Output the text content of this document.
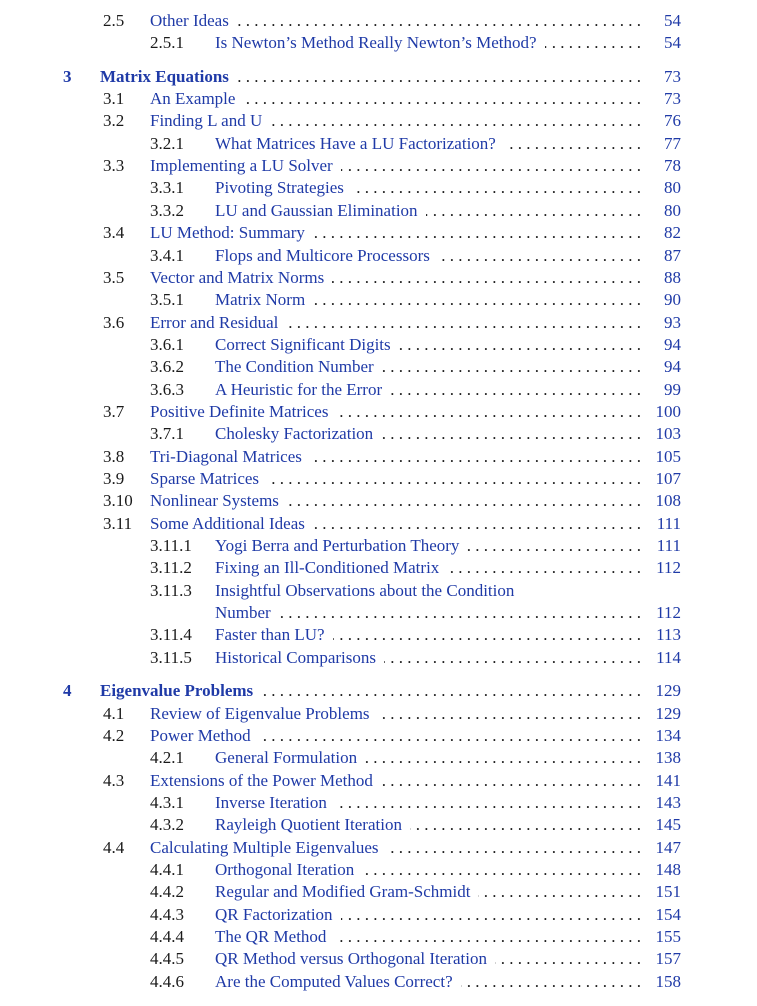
2.5 Other Ideas . . .	54
2.5.1 Is Newton’s Method Really Newton’s Method? . . .	54
3 Matrix Equations . . .	73
3.1 An Example . . .	73
3.2 Finding L and U . . .	76
3.2.1 What Matrices Have a LU Factorization? . . .	77
3.3 Implementing a LU Solver . . .	78
3.3.1 Pivoting Strategies . . .	80
3.3.2 LU and Gaussian Elimination . . .	80
3.4 LU Method: Summary . . .	82
3.4.1 Flops and Multicore Processors . . .	87
3.5 Vector and Matrix Norms . . .	88
3.5.1 Matrix Norm . . .	90
3.6 Error and Residual . . .	93
3.6.1 Correct Significant Digits . . .	94
3.6.2 The Condition Number . . .	94
3.6.3 A Heuristic for the Error . . .	99
3.7 Positive Definite Matrices . . .	100
3.7.1 Cholesky Factorization . . .	103
3.8 Tri-Diagonal Matrices . . .	105
3.9 Sparse Matrices . . .	107
3.10 Nonlinear Systems . . .	108
3.11 Some Additional Ideas . . .	111
3.11.1 Yogi Berra and Perturbation Theory . . .	111
3.11.2 Fixing an Ill-Conditioned Matrix . . .	112
3.11.3 Insightful Observations about the Condition
Number . . .	112
3.11.4 Faster than LU? . . .	113
3.11.5 Historical Comparisons . . .	114
4 Eigenvalue Problems . . .	129
4.1 Review of Eigenvalue Problems . . .	129
4.2 Power Method . . .	134
4.2.1 General Formulation . . .	138
4.3 Extensions of the Power Method . . .	141
4.3.1 Inverse Iteration . . .	143
4.3.2 Rayleigh Quotient Iteration . . .	145
4.4 Calculating Multiple Eigenvalues . . .	147
4.4.1 Orthogonal Iteration . . .	148
4.4.2 Regular and Modified Gram-Schmidt . . .	151
4.4.3 QR Factorization . . .	154
4.4.4 The QR Method . . .	155
4.4.5 QR Method versus Orthogonal Iteration . . .	157
4.4.6 Are the Computed Values Correct? . . .	158
